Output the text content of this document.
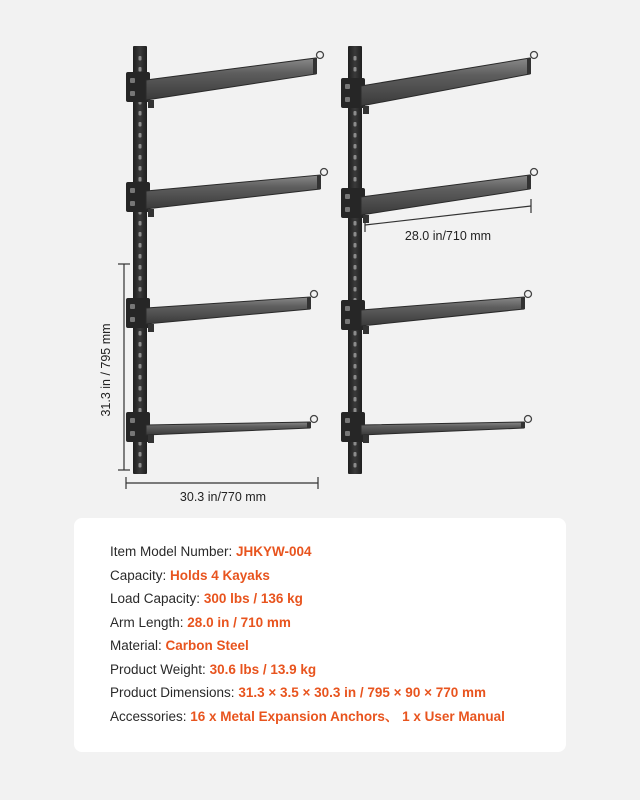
31.3 in / 795 mm
30.3 in/770 mm
28.0 in/710 mm
Item Model Number: JHKYW-004
Capacity: Holds 4 Kayaks
Load Capacity: 300 lbs / 136 kg
Arm Length: 28.0 in / 710 mm
Material: Carbon Steel
Product Weight: 30.6 lbs / 13.9 kg
Product Dimensions: 31.3 × 3.5 × 30.3 in / 795 × 90 × 770 mm
Accessories: 16 x Metal Expansion Anchors、 1 x User Manual
